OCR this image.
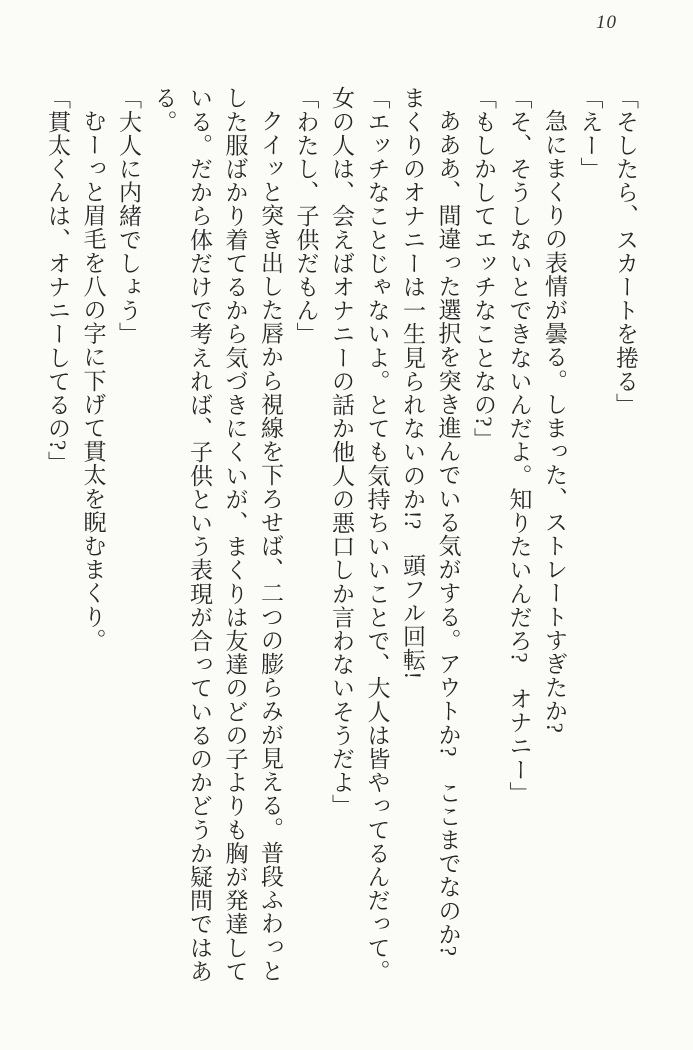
10

「そしたら、スカートを捲る」

「えー」

急にまくりの表情が曇る。しまった、ストレートすぎたか?

「そ、そうしないとできないんだよ。知りたいんだろ?　オナニー」

「もしかしてエッチなことなの?」

あああ、間違った選択を突き進んでいる気がする。アウトか?　ここまでなのか?　まくりのオナニーは一生見られないのか!?　頭フル回転!

「エッチなことじゃないよ。とても気持ちいいことで、大人は皆やってるんだって。女の人は、会えばオナニーの話か他人の悪口しか言わないそうだよ」

「わたし、子供だもん」

クイッと突き出した唇から視線を下ろせば、二つの膨らみが見える。普段ふわっとした服ばかり着てるから気づきにくいが、まくりは友達のどの子よりも胸が発達している。だから体だけで考えれば、子供という表現が合っているのかどうか疑問ではある。

「大人に内緒でしょう」

むーっと眉毛を八の字に下げて貫太を睨むまくり。

「貫太くんは、オナニーしてるの?」
